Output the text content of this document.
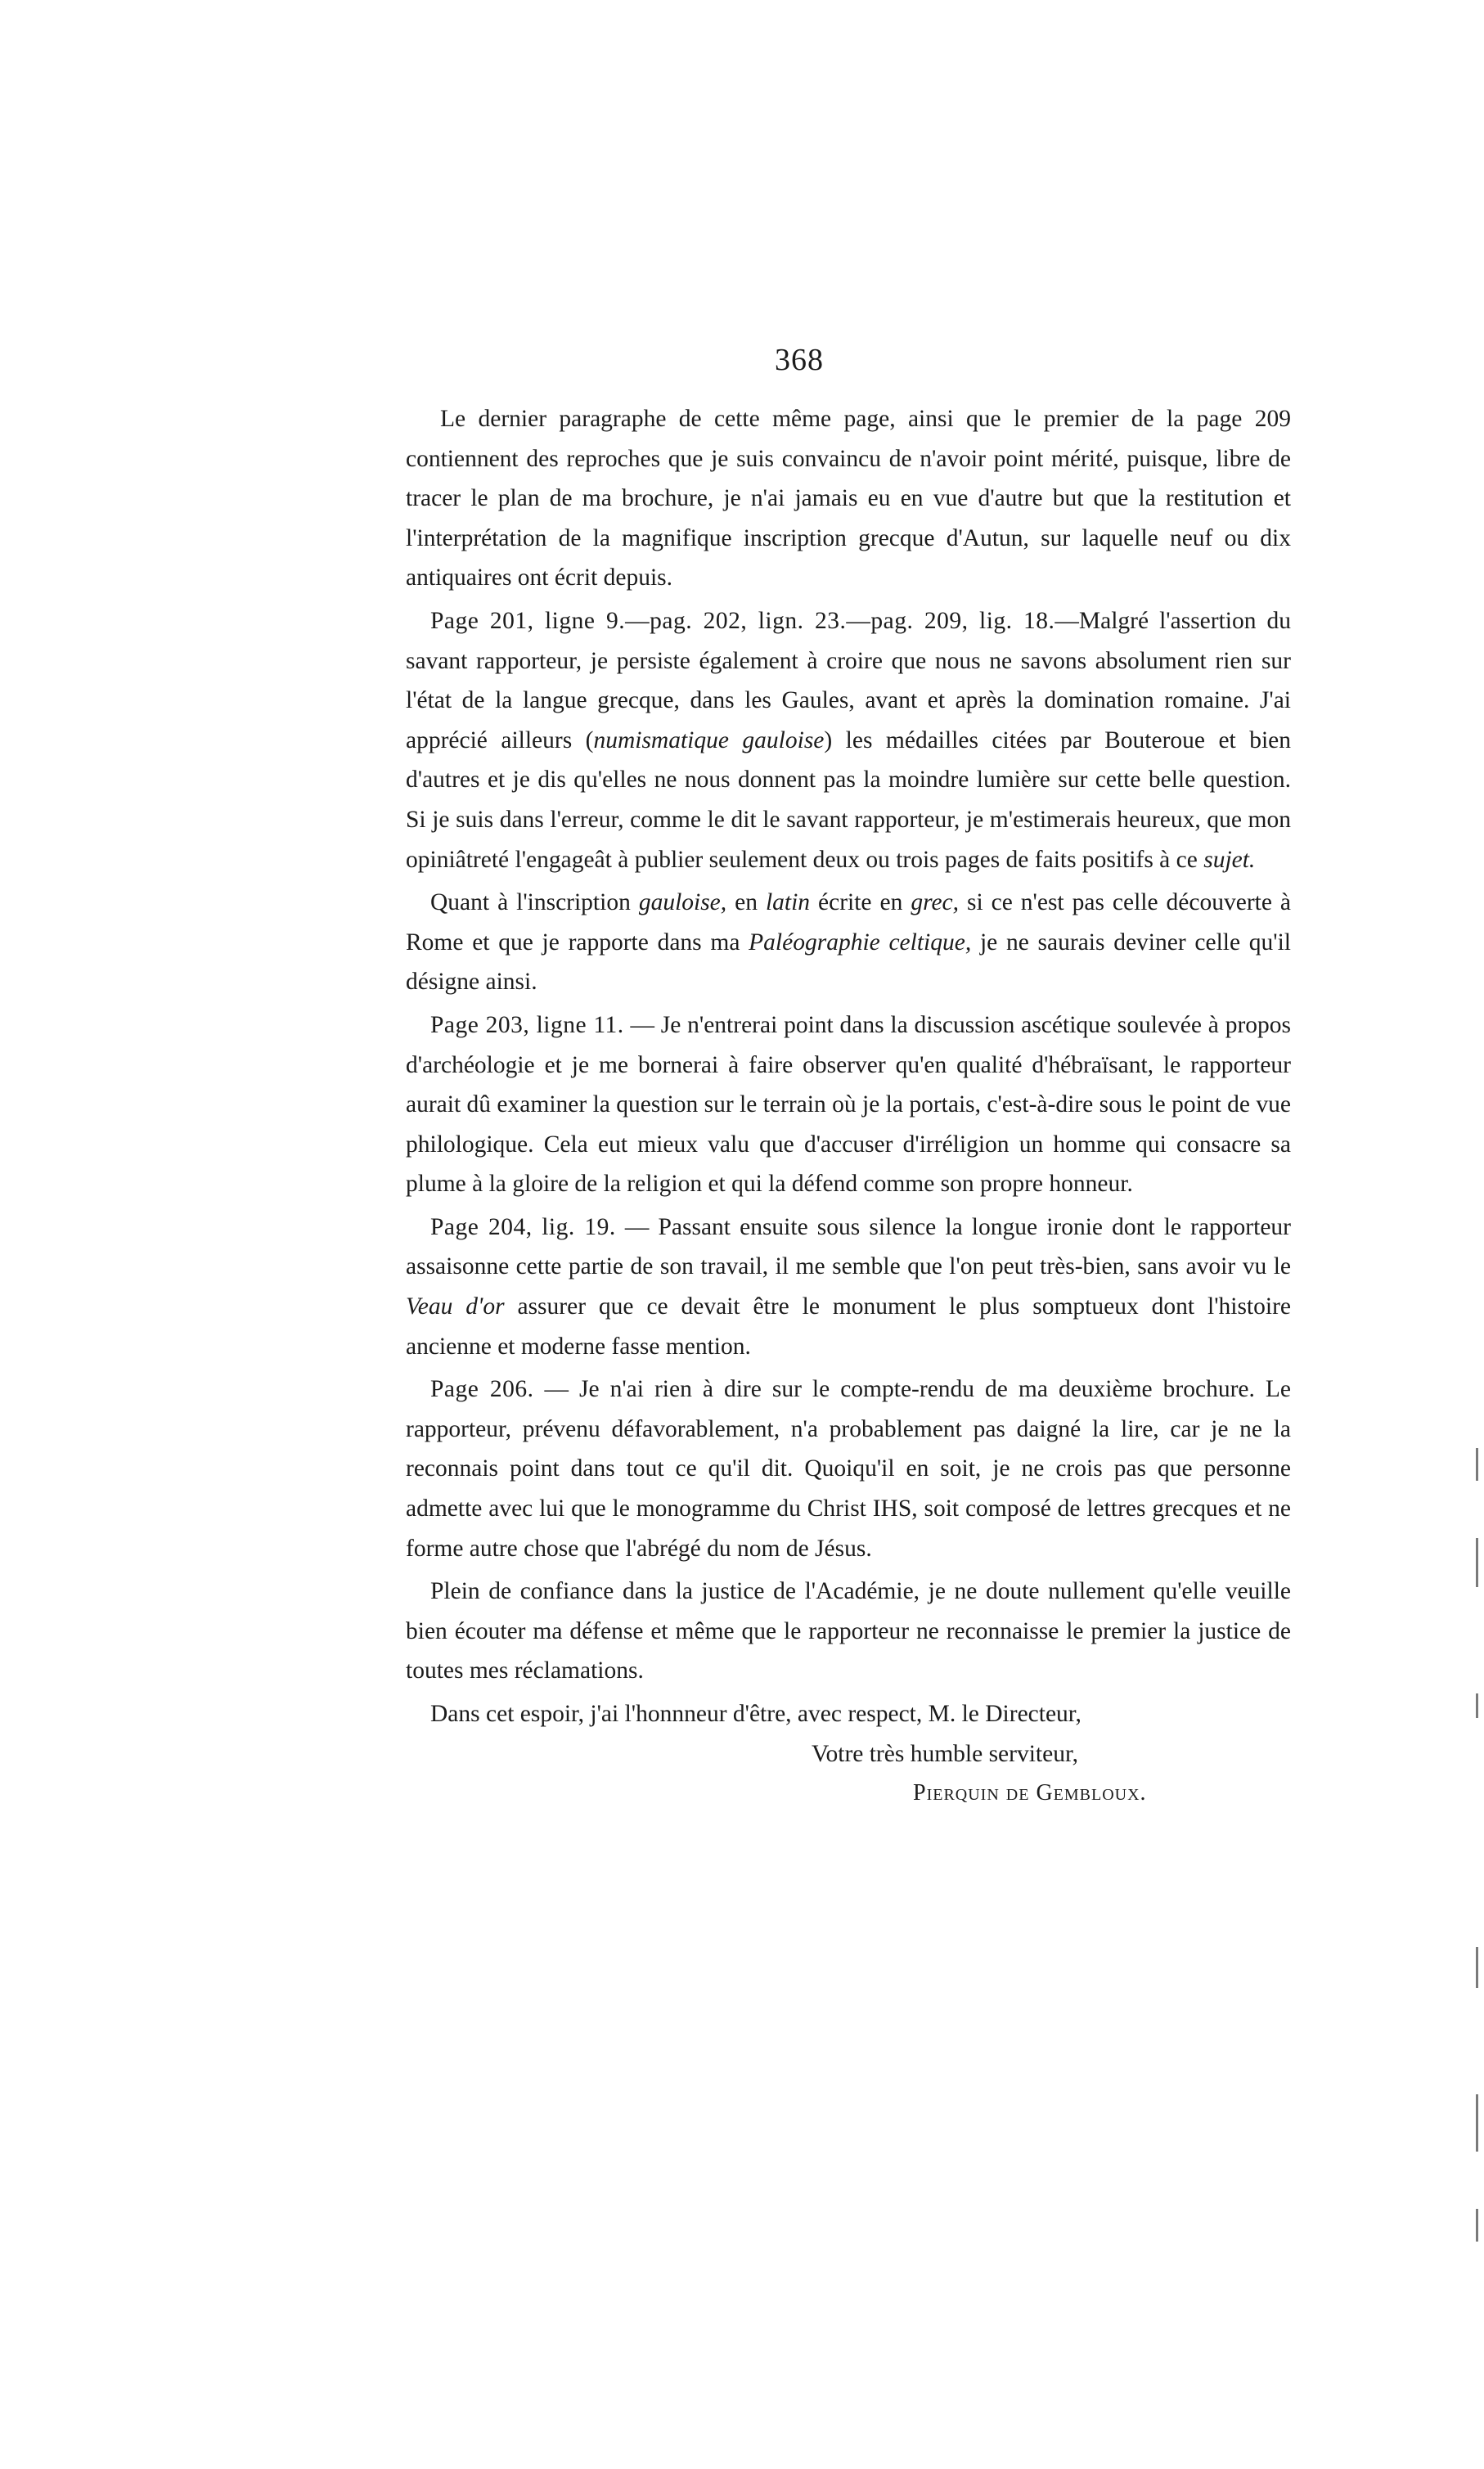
368

Le dernier paragraphe de cette même page, ainsi que le premier de la page 209 contiennent des reproches que je suis convaincu de n'avoir point mérité, puisque, libre de tracer le plan de ma brochure, je n'ai jamais eu en vue d'autre but que la restitution et l'interprétation de la magnifique inscription grecque d'Autun, sur laquelle neuf ou dix antiquaires ont écrit depuis.

Page 201, ligne 9.—pag. 202, lign. 23.—pag. 209, lig. 18.—Malgré l'assertion du savant rapporteur, je persiste également à croire que nous ne savons absolument rien sur l'état de la langue grecque, dans les Gaules, avant et après la domination romaine. J'ai apprécié ailleurs (numismatique gauloise) les médailles citées par Bouteroue et bien d'autres et je dis qu'elles ne nous donnent pas la moindre lumière sur cette belle question. Si je suis dans l'erreur, comme le dit le savant rapporteur, je m'estimerais heureux, que mon opiniâtreté l'engageât à publier seulement deux ou trois pages de faits positifs à ce sujet.

Quant à l'inscription gauloise, en latin écrite en grec, si ce n'est pas celle découverte à Rome et que je rapporte dans ma Paléographie celtique, je ne saurais deviner celle qu'il désigne ainsi.

Page 203, ligne 11. — Je n'entrerai point dans la discussion ascétique soulevée à propos d'archéologie et je me bornerai à faire observer qu'en qualité d'hébraïsant, le rapporteur aurait dû examiner la question sur le terrain où je la portais, c'est-à-dire sous le point de vue philologique. Cela eut mieux valu que d'accuser d'irréligion un homme qui consacre sa plume à la gloire de la religion et qui la défend comme son propre honneur.

Page 204, lig. 19. — Passant ensuite sous silence la longue ironie dont le rapporteur assaisonne cette partie de son travail, il me semble que l'on peut très-bien, sans avoir vu le Veau d'or assurer que ce devait être le monument le plus somptueux dont l'histoire ancienne et moderne fasse mention.

Page 206. — Je n'ai rien à dire sur le compte-rendu de ma deuxième brochure. Le rapporteur, prévenu défavorablement, n'a probablement pas daigné la lire, car je ne la reconnais point dans tout ce qu'il dit. Quoiqu'il en soit, je ne crois pas que personne admette avec lui que le monogramme du Christ IHS, soit composé de lettres grecques et ne forme autre chose que l'abrégé du nom de Jésus.

Plein de confiance dans la justice de l'Académie, je ne doute nullement qu'elle veuille bien écouter ma défense et même que le rapporteur ne reconnaisse le premier la justice de toutes mes réclamations.

Dans cet espoir, j'ai l'honnneur d'être, avec respect, M. le Directeur,

Votre très humble serviteur,

Pierquin de Gembloux.
